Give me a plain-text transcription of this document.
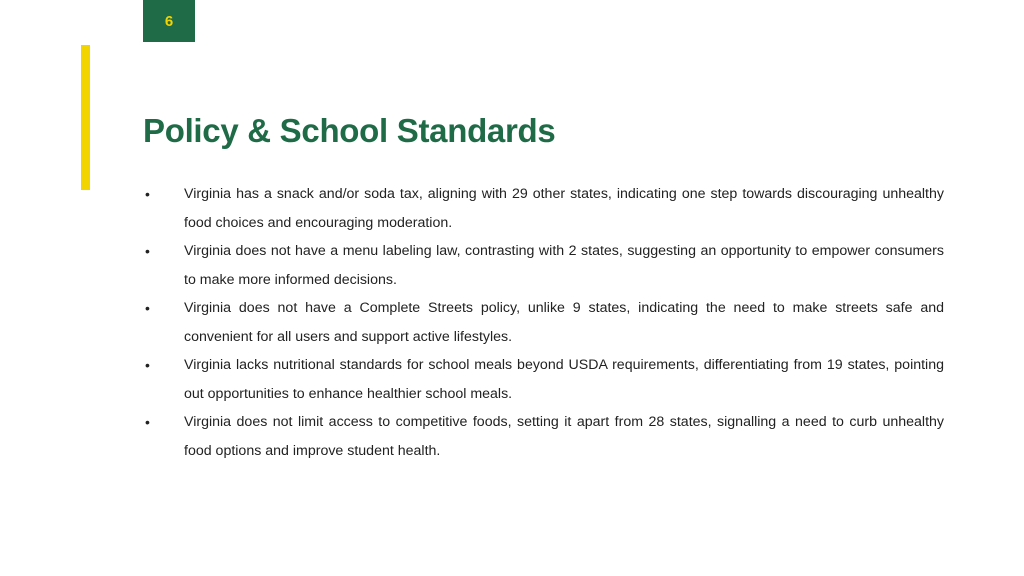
6
Policy & School Standards
• Virginia has a snack and/or soda tax, aligning with 29 other states, indicating one step towards discouraging unhealthy food choices and encouraging moderation.
• Virginia does not have a menu labeling law, contrasting with 2 states, suggesting an opportunity to empower consumers to make more informed decisions.
• Virginia does not have a Complete Streets policy, unlike 9 states, indicating the need to make streets safe and convenient for all users and support active lifestyles.
• Virginia lacks nutritional standards for school meals beyond USDA requirements, differentiating from 19 states, pointing out opportunities to enhance healthier school meals.
• Virginia does not limit access to competitive foods, setting it apart from 28 states, signalling a need to curb unhealthy food options and improve student health.
